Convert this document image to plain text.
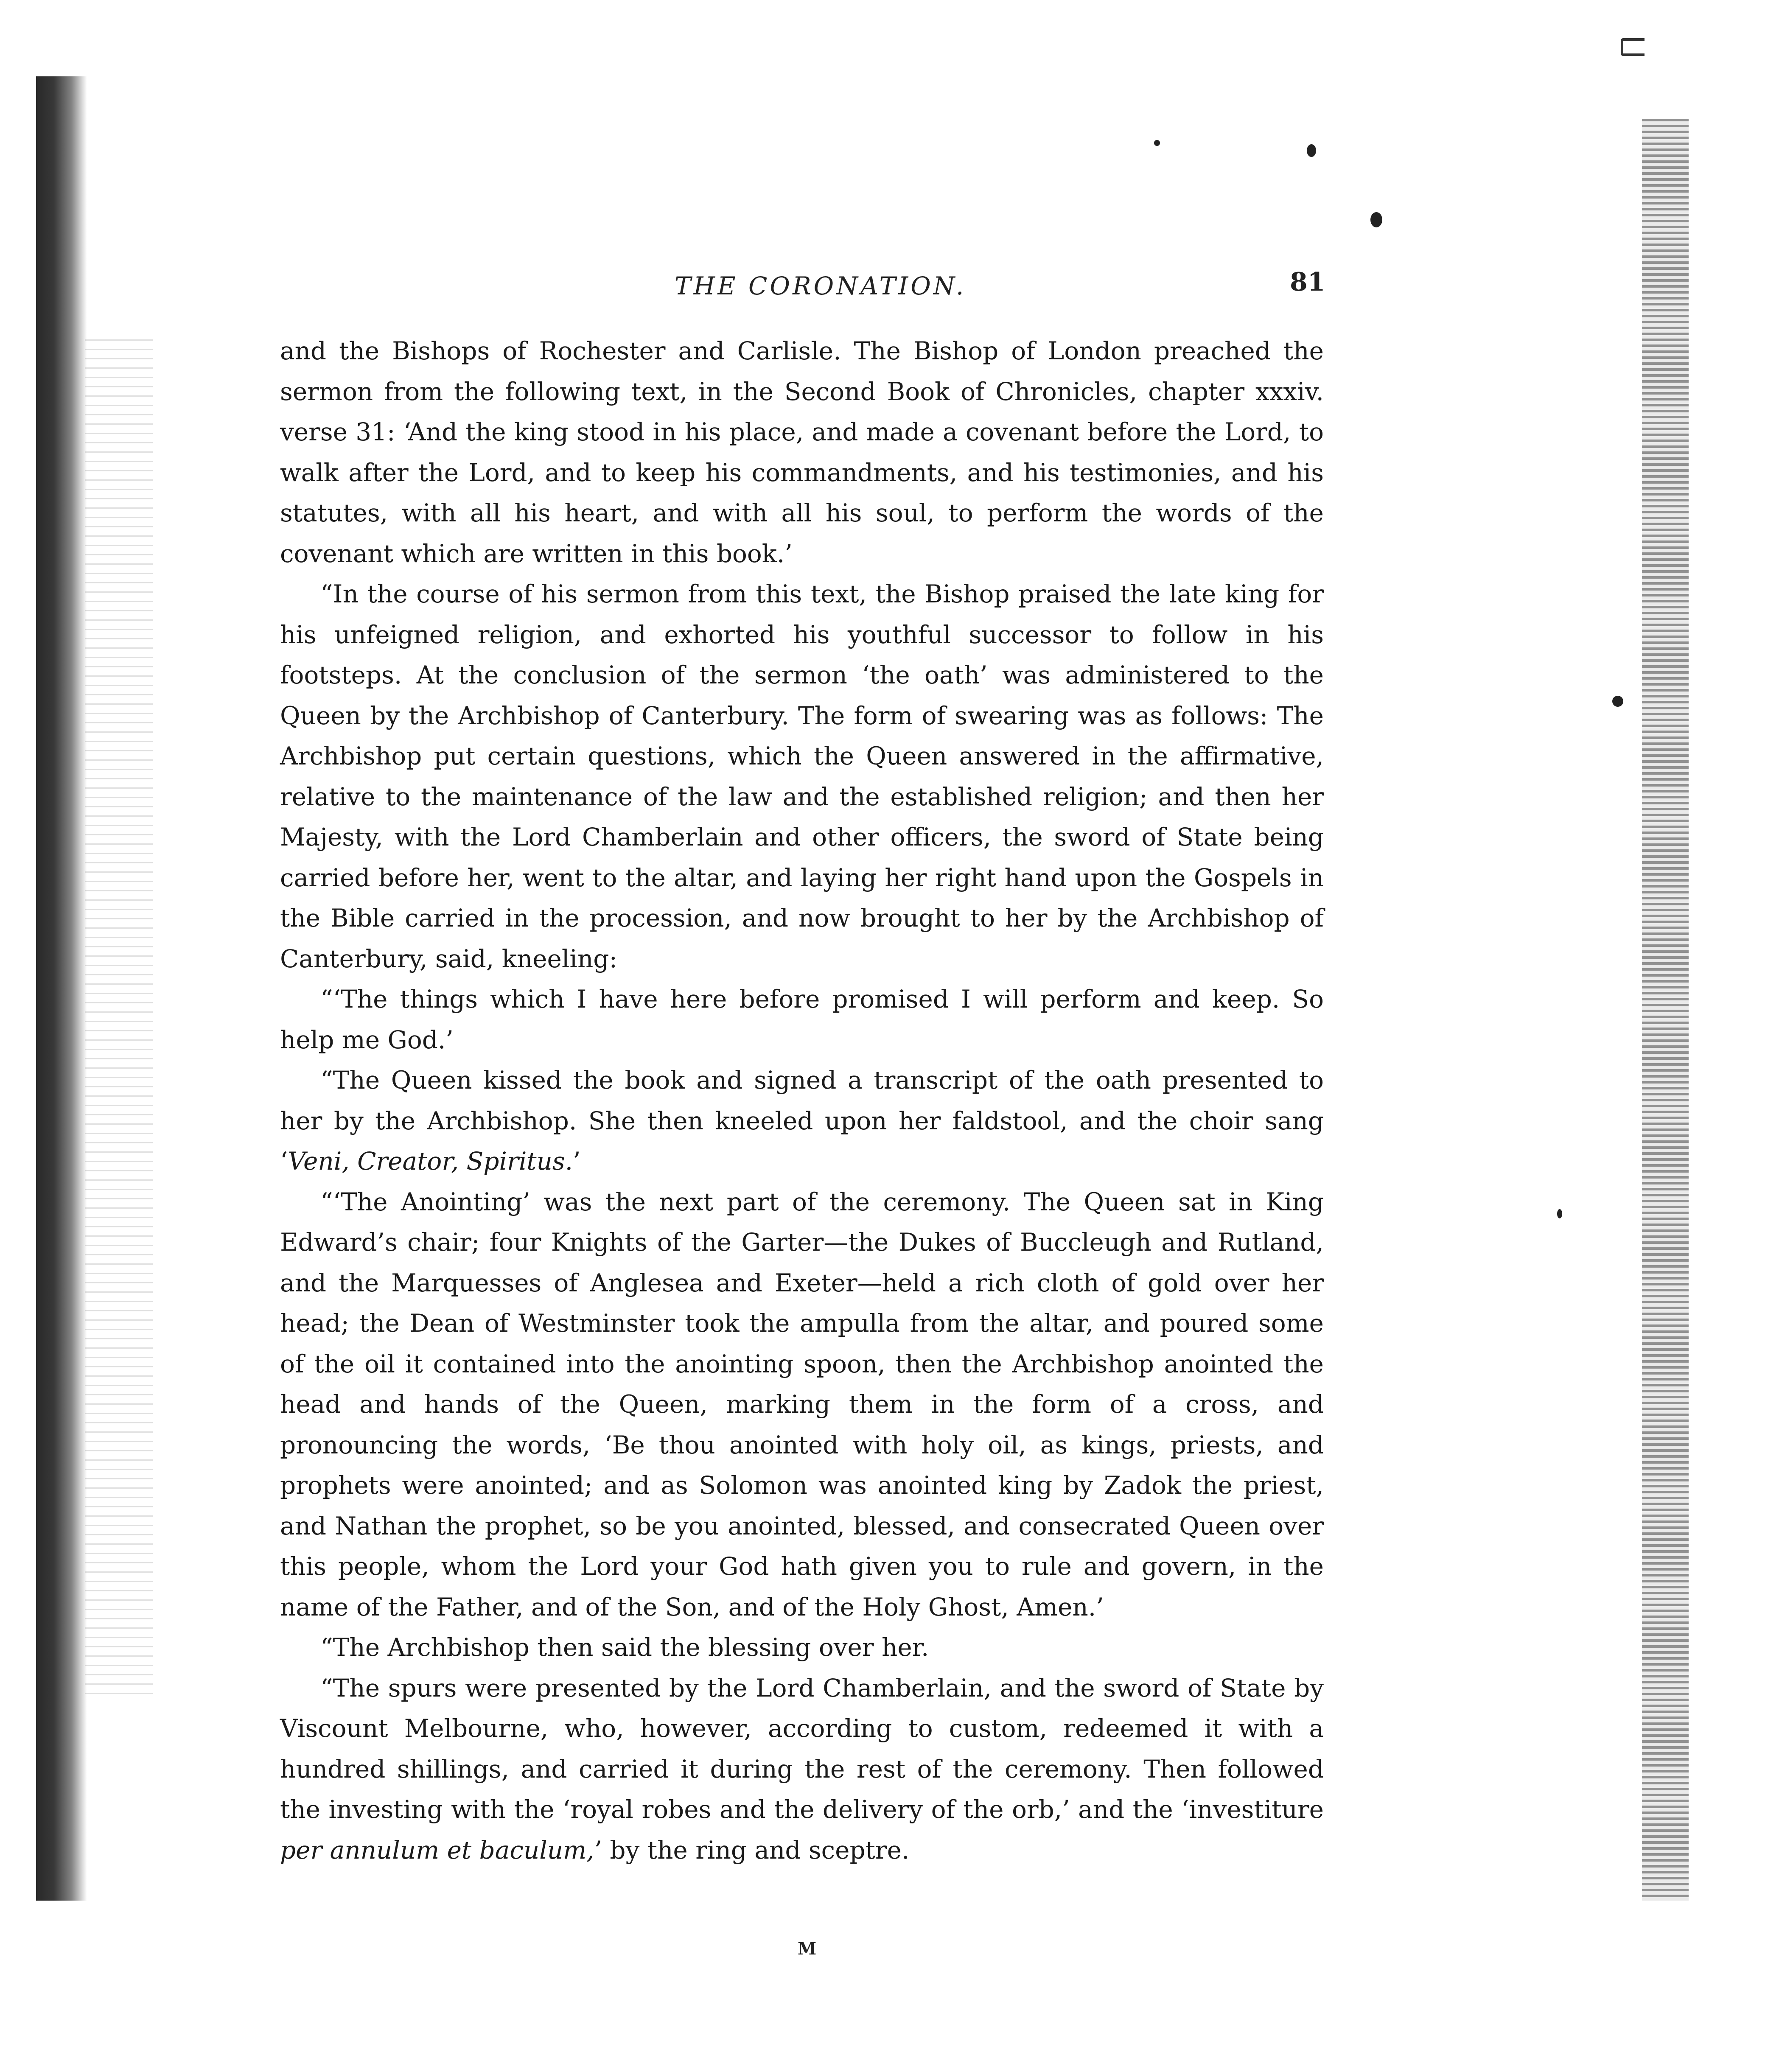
THE CORONATION.	81

and the Bishops of Rochester and Carlisle. The Bishop of London preached the sermon from the following text, in the Second Book of Chronicles, chapter xxxiv. verse 31: ‘And the king stood in his place, and made a covenant before the Lord, to walk after the Lord, and to keep his commandments, and his testimonies, and his statutes, with all his heart, and with all his soul, to perform the words of the covenant which are written in this book.’

“In the course of his sermon from this text, the Bishop praised the late king for his unfeigned religion, and exhorted his youthful successor to follow in his footsteps. At the conclusion of the sermon ‘the oath’ was administered to the Queen by the Archbishop of Canterbury. The form of swearing was as follows: The Archbishop put certain questions, which the Queen answered in the affirmative, relative to the maintenance of the law and the established religion; and then her Majesty, with the Lord Chamberlain and other officers, the sword of State being carried before her, went to the altar, and laying her right hand upon the Gospels in the Bible carried in the procession, and now brought to her by the Archbishop of Canterbury, said, kneeling:

“‘The things which I have here before promised I will perform and keep. So help me God.’

“The Queen kissed the book and signed a transcript of the oath presented to her by the Archbishop. She then kneeled upon her faldstool, and the choir sang ‘Veni, Creator, Spiritus.’

“‘The Anointing’ was the next part of the ceremony. The Queen sat in King Edward’s chair; four Knights of the Garter—the Dukes of Buccleugh and Rutland, and the Marquesses of Anglesea and Exeter—held a rich cloth of gold over her head; the Dean of Westminster took the ampulla from the altar, and poured some of the oil it contained into the anointing spoon, then the Archbishop anointed the head and hands of the Queen, marking them in the form of a cross, and pronouncing the words, ‘Be thou anointed with holy oil, as kings, priests, and prophets were anointed; and as Solomon was anointed king by Zadok the priest, and Nathan the prophet, so be you anointed, blessed, and consecrated Queen over this people, whom the Lord your God hath given you to rule and govern, in the name of the Father, and of the Son, and of the Holy Ghost, Amen.’

“The Archbishop then said the blessing over her.

“The spurs were presented by the Lord Chamberlain, and the sword of State by Viscount Melbourne, who, however, according to custom, redeemed it with a hundred shillings, and carried it during the rest of the ceremony. Then followed the investing with the ‘royal robes and the delivery of the orb,’ and the ‘investiture per annulum et baculum,’ by the ring and sceptre.

M
